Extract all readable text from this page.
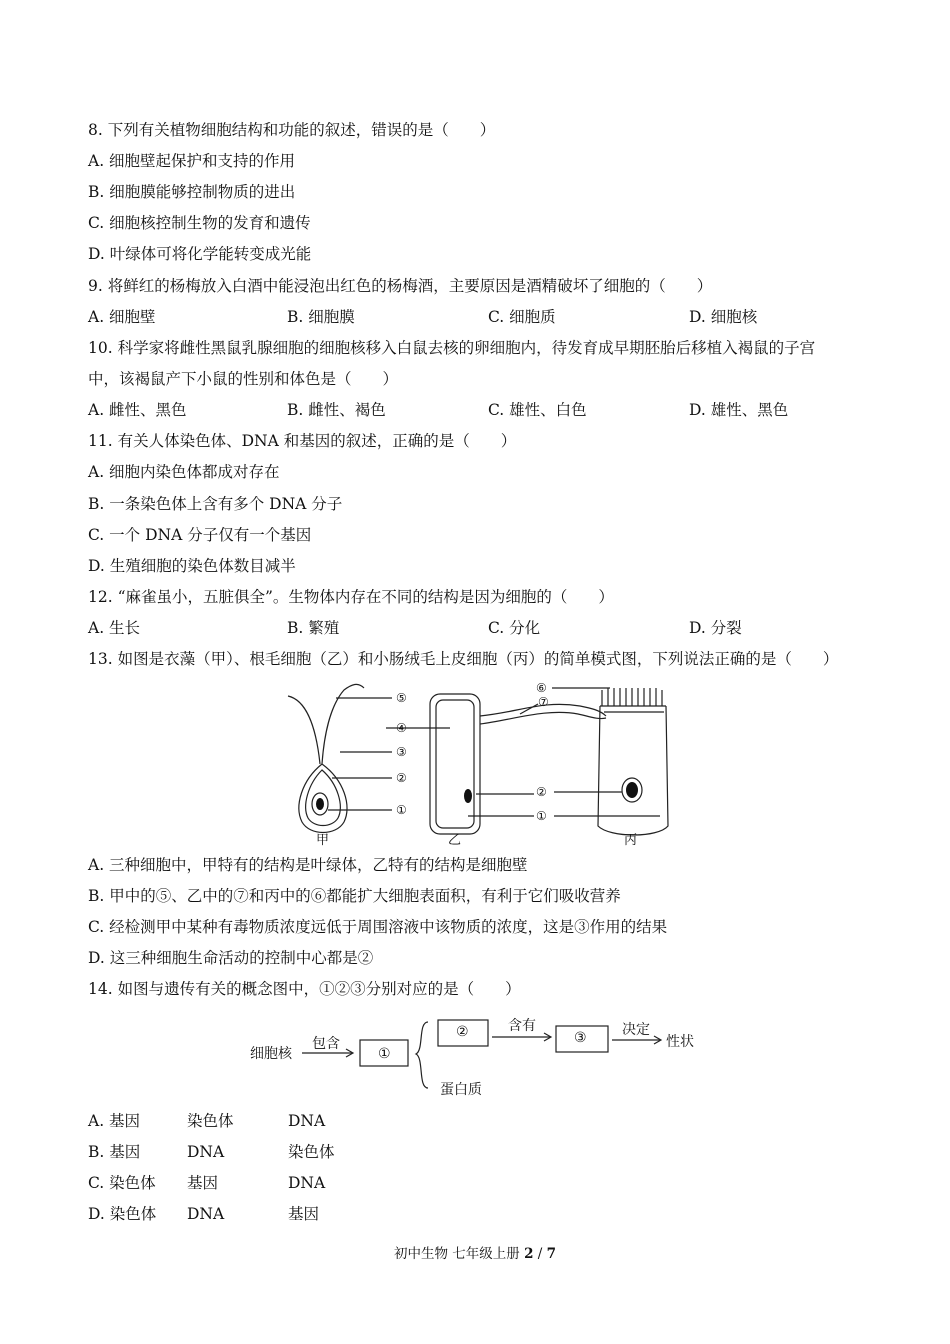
8. 下列有关植物细胞结构和功能的叙述，错误的是（　　）
A. 细胞壁起保护和支持的作用
B. 细胞膜能够控制物质的进出
C. 细胞核控制生物的发育和遗传
D. 叶绿体可将化学能转变成光能
9. 将鲜红的杨梅放入白酒中能浸泡出红色的杨梅酒，主要原因是酒精破坏了细胞的（　　）
A. 细胞壁	B. 细胞膜	C. 细胞质	D. 细胞核
10. 科学家将雌性黑鼠乳腺细胞的细胞核移入白鼠去核的卵细胞内，待发育成早期胚胎后移植入褐鼠的子宫
中，该褐鼠产下小鼠的性别和体色是（　　）
A. 雌性、黑色	B. 雌性、褐色	C. 雄性、白色	D. 雄性、黑色
11. 有关人体染色体、DNA 和基因的叙述，正确的是（　　）
A. 细胞内染色体都成对存在
B. 一条染色体上含有多个 DNA 分子
C. 一个 DNA 分子仅有一个基因
D. 生殖细胞的染色体数目减半
12. “麻雀虽小，五脏俱全”。生物体内存在不同的结构是因为细胞的（　　）
A. 生长	B. 繁殖	C. 分化	D. 分裂
13. 如图是衣藻（甲）、根毛细胞（乙）和小肠绒毛上皮细胞（丙）的简单模式图，下列说法正确的是（　　）
⑤
④
③
②
①
⑦
⑥
②
①
甲	乙	丙
A. 三种细胞中，甲特有的结构是叶绿体，乙特有的结构是细胞壁
B. 甲中的⑤、乙中的⑦和丙中的⑥都能扩大细胞表面积，有利于它们吸收营养
C. 经检测甲中某种有毒物质浓度远低于周围溶液中该物质的浓度，这是③作用的结果
D. 这三种细胞生命活动的控制中心都是②
14. 如图与遗传有关的概念图中，①②③分别对应的是（　　）
细胞核
包含
①
②	含有
③	决定
性状
蛋白质
A. 基因	染色体	DNA
B. 基因	DNA	染色体
C. 染色体 基因	DNA
D. 染色体 DNA	基因
初中生物 七年级上册 2 / 7
